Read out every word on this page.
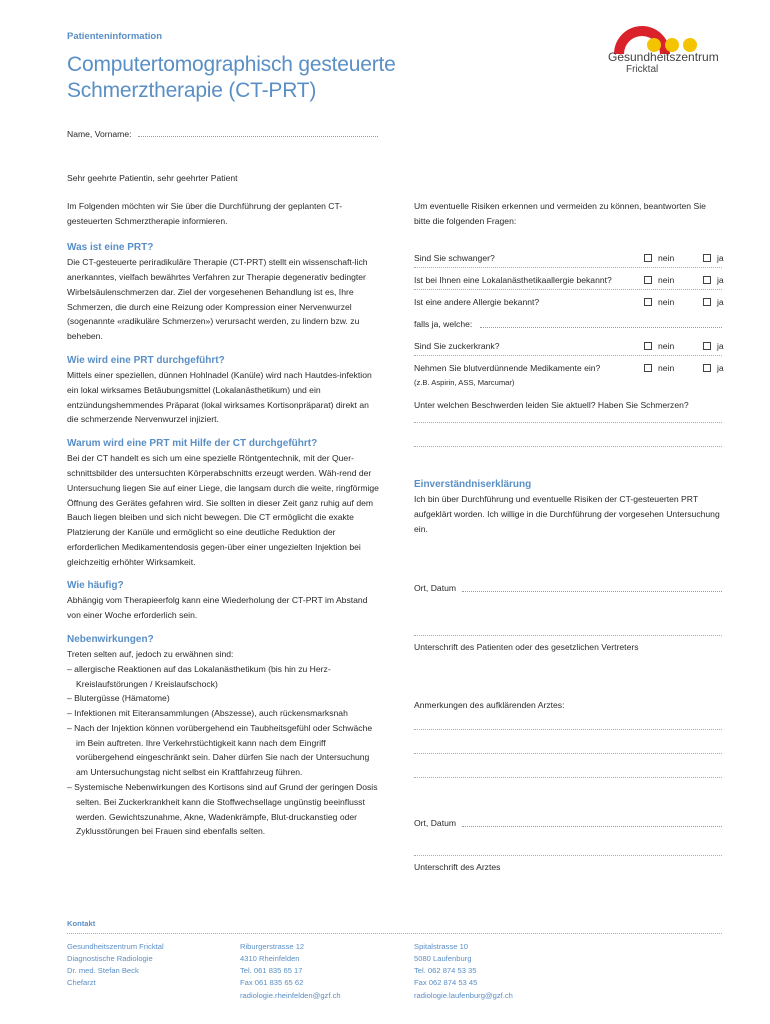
Patienteninformation
Computertomographisch gesteuerte
Schmerztherapie (CT-PRT)
Gesundheitszentrum
Fricktal
Name, Vorname:

Sehr geehrte Patientin, sehr geehrter Patient

Im Folgenden möchten wir Sie über die Durchführung der geplanten CT-gesteuerten Schmerztherapie informieren.

Was ist eine PRT?

Die CT-gesteuerte periradikuläre Therapie (CT-PRT) stellt ein wissenschaft-lich anerkanntes, vielfach bewährtes Verfahren zur Therapie degenerativ bedingter Wirbelsäulenschmerzen dar. Ziel der vorgesehenen Behandlung ist es, Ihre Schmerzen, die durch eine Reizung oder Kompression einer Nervenwurzel (sogenannte «radikuläre Schmerzen») verursacht werden, zu lindern bzw. zu beheben.

Wie wird eine PRT durchgeführt?

Mittels einer speziellen, dünnen Hohlnadel (Kanüle) wird nach Hautdes-infektion ein lokal wirksames Betäubungsmittel (Lokalanästhetikum) und ein entzündungshemmendes Präparat (lokal wirksames Kortisonpräparat) direkt an die schmerzende Nervenwurzel injiziert.

Warum wird eine PRT mit Hilfe der CT durchgeführt?

Bei der CT handelt es sich um eine spezielle Röntgentechnik, mit der Quer-schnittsbilder des untersuchten Körperabschnitts erzeugt werden. Wäh-rend der Untersuchung liegen Sie auf einer Liege, die langsam durch die weite, ringförmige Öffnung des Gerätes gefahren wird. Sie sollten in dieser Zeit ganz ruhig auf dem Bauch liegen bleiben und sich nicht bewegen. Die CT ermöglicht die exakte Platzierung der Kanüle und ermöglicht so eine deutliche Reduktion der erforderlichen Medikamentendosis gegen-über einer ungezielten Injektion bei gleichzeitig erhöhter Wirksamkeit.

Wie häufig?

Abhängig vom Therapieerfolg kann eine Wiederholung der CT-PRT im Abstand von einer Woche erforderlich sein.

Nebenwirkungen?

Treten selten auf, jedoch zu erwähnen sind:

– allergische Reaktionen auf das Lokalanästhetikum (bis hin zu Herz-Kreislaufstörungen / Kreislaufschock)
– Blutergüsse (Hämatome)
– Infektionen mit Eiteransammlungen (Abszesse), auch rückensmarksnah
– Nach der Injektion können vorübergehend ein Taubheitsgefühl oder Schwäche im Bein auftreten. Ihre Verkehrstüchtigkeit kann nach dem Eingriff vorübergehend eingeschränkt sein. Daher dürfen Sie nach der Untersuchung am Untersuchungstag nicht selbst ein Kraftfahrzeug führen.
– Systemische Nebenwirkungen des Kortisons sind auf Grund der geringen Dosis selten. Bei Zuckerkrankheit kann die Stoffwechsellage ungünstig beeinflusst werden. Gewichtszunahme, Akne, Wadenkrämpfe, Blut-druckanstieg oder Zyklusstörungen bei Frauen sind ebenfalls selten.
Um eventuelle Risiken erkennen und vermeiden zu können, beantworten Sie bitte die folgenden Fragen:
Sind Sie schwanger?	nein	ja
Ist bei Ihnen eine Lokalanästhetikaallergie bekannt?	nein	ja
Ist eine andere Allergie bekannt?	nein	ja
falls ja, welche:
Sind Sie zuckerkrank?	nein	ja
Nehmen Sie blutverdünnende Medikamente ein?	nein	ja
(z.B. Aspirin, ASS, Marcumar)
Unter welchen Beschwerden leiden Sie aktuell? Haben Sie Schmerzen?
Einverständniserklärung
Ich bin über Durchführung und eventuelle Risiken der CT-gesteuerten PRT aufgeklärt worden. Ich willige in die Durchführung der vorgesehen Untersuchung ein.
Ort, Datum
Unterschrift des Patienten oder des gesetzlichen Vertreters
Anmerkungen des aufklärenden Arztes:
Ort, Datum
Unterschrift des Arztes
Kontakt
Gesundheitszentrum Fricktal
Diagnostische Radiologie
Dr. med. Stefan Beck
Chefarzt
Riburgerstrasse 12
4310 Rheinfelden
Tel. 061 835 65 17
Fax 061 835 65 62
radiologie.rheinfelden@gzf.ch
Spitalstrasse 10
5080 Laufenburg
Tel. 062 874 53 35
Fax 062 874 53 45
radiologie.laufenburg@gzf.ch
